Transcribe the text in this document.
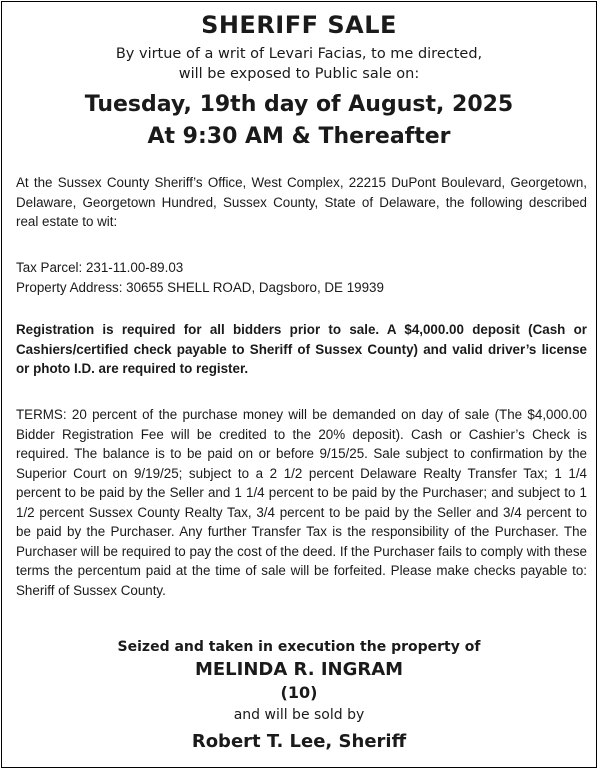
SHERIFF SALE
By virtue of a writ of Levari Facias, to me directed,
will be exposed to Public sale on:
Tuesday, 19th day of August, 2025
At 9:30 AM & Thereafter

At the Sussex County Sheriff’s Office, West Complex, 22215 DuPont Boulevard, Georgetown, Delaware, Georgetown Hundred, Sussex County, State of Delaware, the following described real estate to wit:

Tax Parcel: 231-11.00-89.03
Property Address: 30655 SHELL ROAD, Dagsboro, DE 19939

Registration is required for all bidders prior to sale. A $4,000.00 deposit (Cash or Cashiers/certified check payable to Sheriff of Sussex County) and valid driver’s license or photo I.D. are required to register.

TERMS: 20 percent of the purchase money will be demanded on day of sale (The $4,000.00 Bidder Registration Fee will be credited to the 20% deposit). Cash or Cashier’s Check is required. The balance is to be paid on or before 9/15/25. Sale subject to confirmation by the Superior Court on 9/19/25; subject to a 2 1/2 percent Delaware Realty Transfer Tax; 1 1/4 percent to be paid by the Seller and 1 1/4 percent to be paid by the Purchaser; and subject to 1 1/2 percent Sussex County Realty Tax, 3/4 percent to be paid by the Seller and 3/4 percent to be paid by the Purchaser. Any further Transfer Tax is the responsibility of the Purchaser. The Purchaser will be required to pay the cost of the deed. If the Purchaser fails to comply with these terms the percentum paid at the time of sale will be forfeited. Please make checks payable to: Sheriff of Sussex County.

Seized and taken in execution the property of
MELINDA R. INGRAM
(10)
and will be sold by
Robert T. Lee, Sheriff
